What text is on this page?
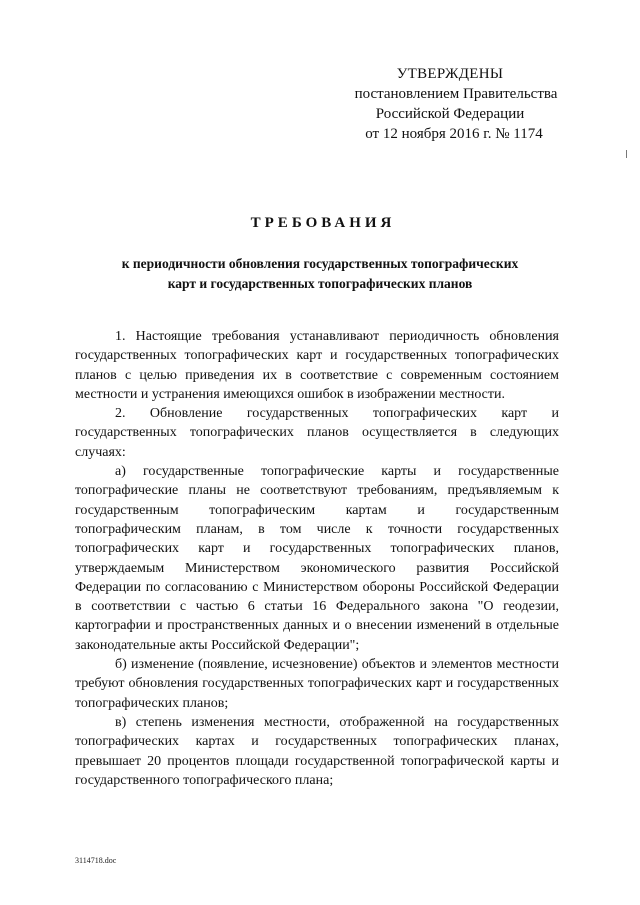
УТВЕРЖДЕНЫ
постановлением Правительства
Российской Федерации
от 12 ноября 2016 г. № 1174
ТРЕБОВАНИЯ
к периодичности обновления государственных топографических
карт и государственных топографических планов

1. Настоящие требования устанавливают периодичность обновления государственных топографических карт и государственных топографических планов с целью приведения их в соответствие с современным состоянием местности и устранения имеющихся ошибок в изображении местности.

2. Обновление государственных топографических карт и государственных топографических планов осуществляется в следующих случаях:

а) государственные топографические карты и государственные топографические планы не соответствуют требованиям, предъявляемым к государственным топографическим картам и государственным топографическим планам, в том числе к точности государственных топографических карт и государственных топографических планов, утверждаемым Министерством экономического развития Российской Федерации по согласованию с Министерством обороны Российской Федерации в соответствии с частью 6 статьи 16 Федерального закона "О геодезии, картографии и пространственных данных и о внесении изменений в отдельные законодательные акты Российской Федерации";

б) изменение (появление, исчезновение) объектов и элементов местности требуют обновления государственных топографических карт и государственных топографических планов;

в) степень изменения местности, отображенной на государственных топографических картах и государственных топографических планах, превышает 20 процентов площади государственной топографической карты и государственного топографического плана;

3114718.doc
